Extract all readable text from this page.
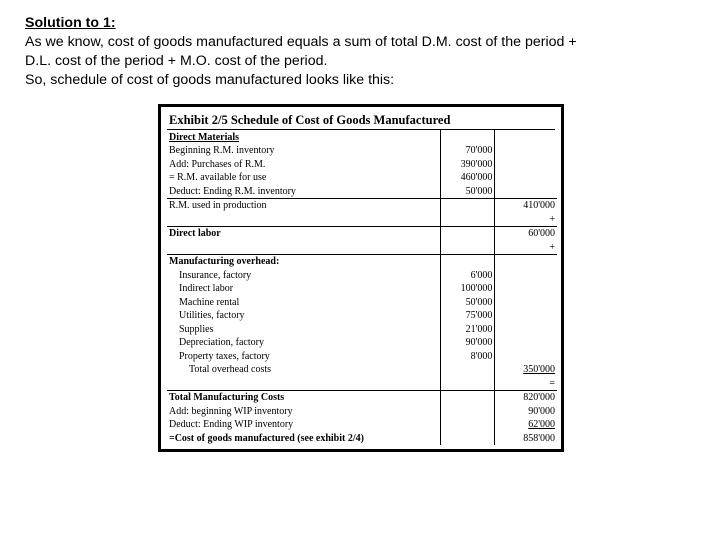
Solution to 1:
As we know, cost of goods manufactured equals a sum of total D.M. cost of the period +
D.L. cost of the period + M.O. cost of the period.
So, schedule of cost of goods manufactured looks like this:
Exhibit 2/5 Schedule of Cost of Goods Manufactured
Direct Materials		
Beginning R.M. inventory	70'000	
Add: Purchases of R.M.	390'000	
= R.M. available for use	460'000	
Deduct: Ending R.M. inventory	50'000	
R.M. used in production		410'000
		+
Direct labor		60'000
		+
Manufacturing overhead:		
Insurance, factory	6'000	
Indirect labor	100'000	
Machine rental	50'000	
Utilities, factory	75'000	
Supplies	21'000	
Depreciation, factory	90'000	
Property taxes, factory	8'000	
Total overhead costs		350'000
		=
Total Manufacturing Costs		820'000
Add: beginning WIP inventory		90'000
Deduct: Ending WIP inventory		62'000
=Cost of goods manufactured (see exhibit 2/4)		858'000
